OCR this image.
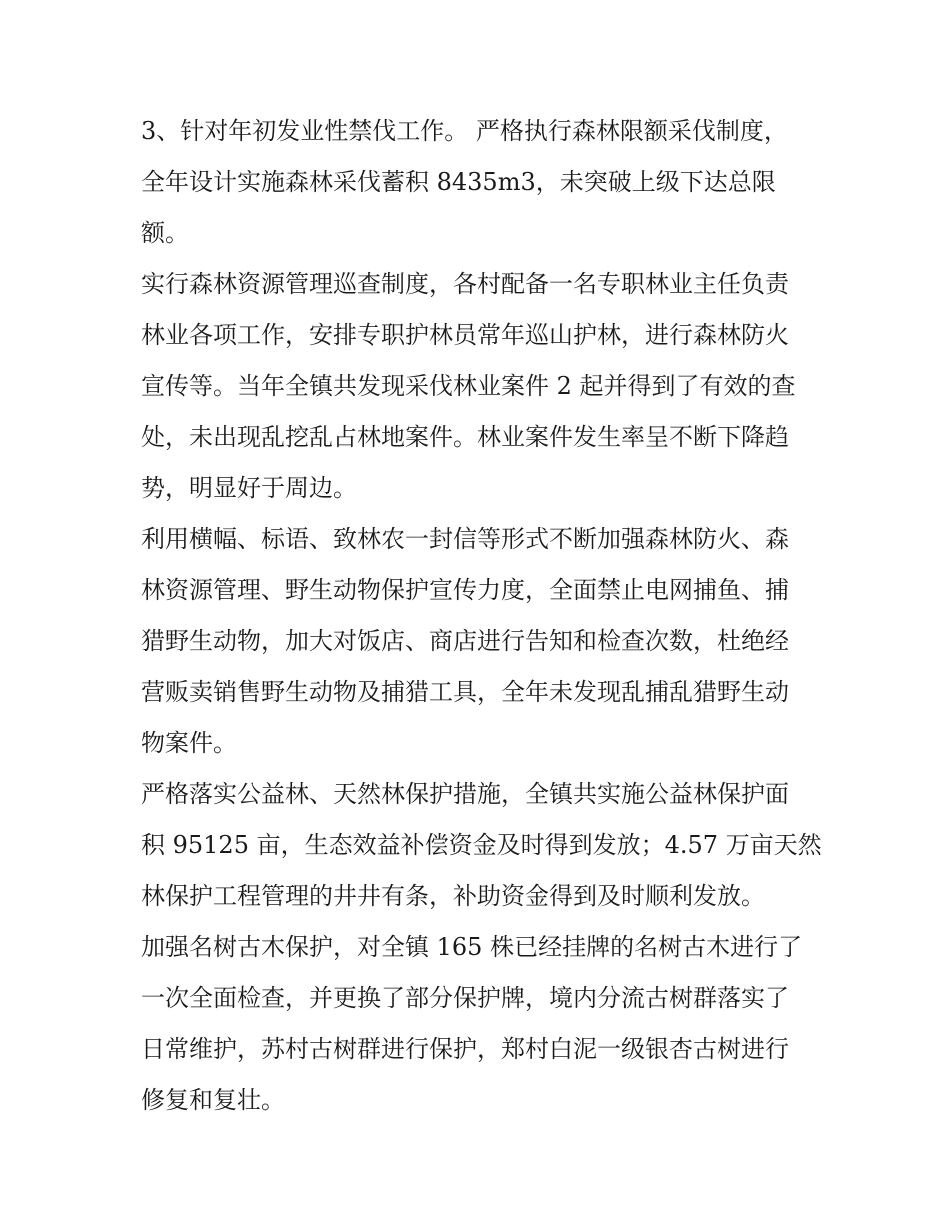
3、针对年初发业性禁伐工作。 严格执行森林限额采伐制度，
全年设计实施森林采伐蓄积 8435m3，未突破上级下达总限
额。

实行森林资源管理巡查制度，各村配备一名专职林业主任负责
林业各项工作，安排专职护林员常年巡山护林，进行森林防火
宣传等。当年全镇共发现采伐林业案件 2 起并得到了有效的查
处，未出现乱挖乱占林地案件。林业案件发生率呈不断下降趋
势，明显好于周边。

利用横幅、标语、致林农一封信等形式不断加强森林防火、森
林资源管理、野生动物保护宣传力度，全面禁止电网捕鱼、捕
猎野生动物，加大对饭店、商店进行告知和检查次数，杜绝经
营贩卖销售野生动物及捕猎工具，全年未发现乱捕乱猎野生动
物案件。

严格落实公益林、天然林保护措施，全镇共实施公益林保护面
积 95125 亩，生态效益补偿资金及时得到发放；4.57 万亩天然
林保护工程管理的井井有条，补助资金得到及时顺利发放。

加强名树古木保护，对全镇 165 株已经挂牌的名树古木进行了
一次全面检查，并更换了部分保护牌，境内分流古树群落实了
日常维护，苏村古树群进行保护，郑村白泥一级银杏古树进行
修复和复壮。
